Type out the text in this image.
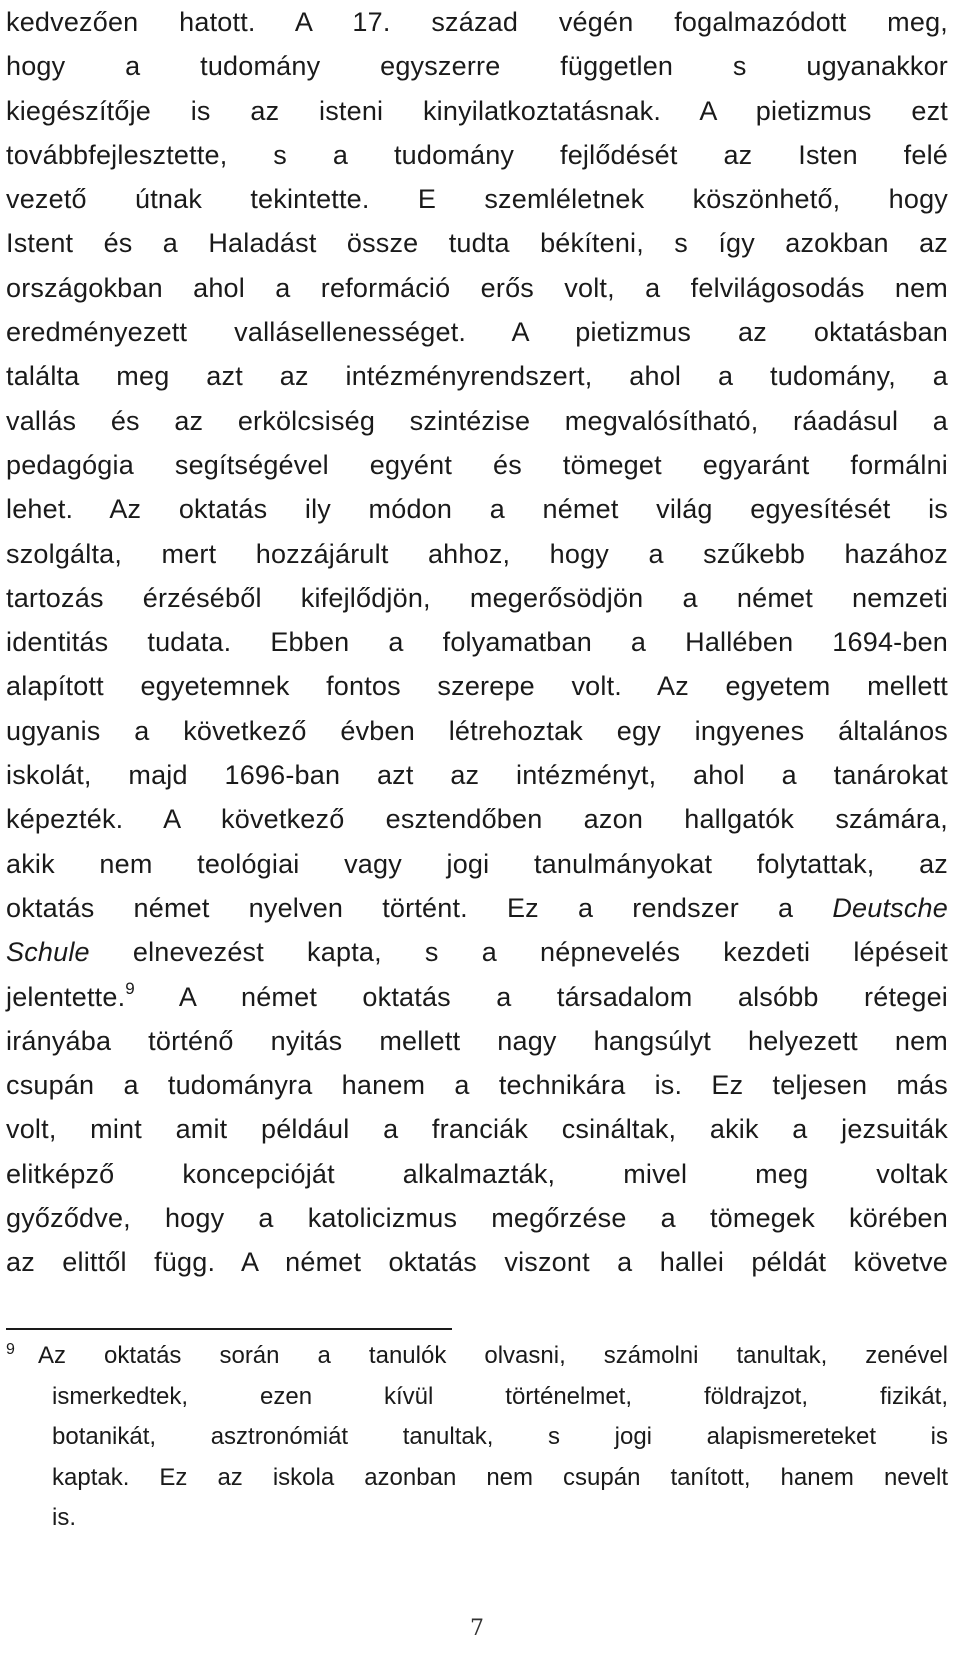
kedvezően hatott. A 17. század végén fogalmazódott meg,
hogy a tudomány egyszerre független s ugyanakkor
kiegészítője is az isteni kinyilatkoztatásnak. A pietizmus ezt
továbbfejlesztette, s a tudomány fejlődését az Isten felé
vezető útnak tekintette. E szemléletnek köszönhető, hogy
Istent és a Haladást össze tudta békíteni, s így azokban az
országokban ahol a reformáció erős volt, a felvilágosodás nem
eredményezett vallásellenességet. A pietizmus az oktatásban
találta meg azt az intézményrendszert, ahol a tudomány, a
vallás és az erkölcsiség szintézise megvalósítható, ráadásul a
pedagógia segítségével egyént és tömeget egyaránt formálni
lehet. Az oktatás ily módon a német világ egyesítését is
szolgálta, mert hozzájárult ahhoz, hogy a szűkebb hazához
tartozás érzéséből kifejlődjön, megerősödjön a német nemzeti
identitás tudata. Ebben a folyamatban a Hallében 1694-ben
alapított egyetemnek fontos szerepe volt. Az egyetem mellett
ugyanis a következő évben létrehoztak egy ingyenes általános
iskolát, majd 1696-ban azt az intézményt, ahol a tanárokat
képezték. A következő esztendőben azon hallgatók számára,
akik nem teológiai vagy jogi tanulmányokat folytattak, az
oktatás német nyelven történt. Ez a rendszer a Deutsche
Schule elnevezést kapta, s a népnevelés kezdeti lépéseit
jelentette.$^9$ A német oktatás a társadalom alsóbb rétegei
irányába történő nyitás mellett nagy hangsúlyt helyezett nem
csupán a tudományra hanem a technikára is. Ez teljesen más
volt, mint amit például a franciák csináltak, akik a jezsuiták
elitképző koncepcióját alkalmazták, mivel meg voltak
győződve, hogy a katolicizmus megőrzése a tömegek körében
az elittől függ. A német oktatás viszont a hallei példát követve
9 Az oktatás során a tanulók olvasni, számolni tanultak, zenével
ismerkedtek, ezen kívül történelmet, földrajzot, fizikát,
botanikát, asztronómiát tanultak, s jogi alapismereteket is
kaptak. Ez az iskola azonban nem csupán tanított, hanem nevelt
is.
7
